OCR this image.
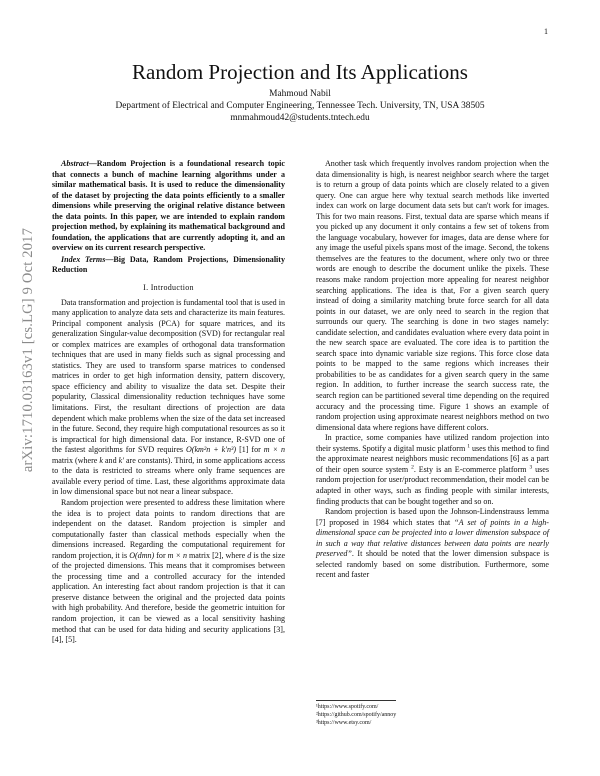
1
arXiv:1710.03163v1 [cs.LG] 9 Oct 2017
Random Projection and Its Applications
Mahmoud Nabil
Department of Electrical and Computer Engineering, Tennessee Tech. University, TN, USA 38505
mnmahmoud42@students.tntech.edu

Abstract—Random Projection is a foundational research topic that connects a bunch of machine learning algorithms under a similar mathematical basis. It is used to reduce the dimensionality of the dataset by projecting the data points efficiently to a smaller dimensions while preserving the original relative distance between the data points. In this paper, we are intended to explain random projection method, by explaining its mathematical background and foundation, the applications that are currently adopting it, and an overview on its current research perspective.

Index Terms—Big Data, Random Projections, Dimensionality Reduction

I. Introduction

Data transformation and projection is fundamental tool that is used in many application to analyze data sets and characterize its main features. Principal component analysis (PCA) for square matrices, and its generalization Singular-value decomposition (SVD) for rectangular real or complex matrices are examples of orthogonal data transformation techniques that are used in many fields such as signal processing and statistics. They are used to transform sparse matrices to condensed matrices in order to get high information density, pattern discovery, space efficiency and ability to visualize the data set. Despite their popularity, Classical dimensionality reduction techniques have some limitations. First, the resultant directions of projection are data dependent which make problems when the size of the data set increased in the future. Second, they require high computational resources as so it is impractical for high dimensional data. For instance, R-SVD one of the fastest algorithms for SVD requires O(km²n + k′n³) [1] for m × n matrix (where k and k′ are constants). Third, in some applications access to the data is restricted to streams where only frame sequences are available every period of time. Last, these algorithms approximate data in low dimensional space but not near a linear subspace.

Random projection were presented to address these limitation where the idea is to project data points to random directions that are independent on the dataset. Random projection is simpler and computationally faster than classical methods especially when the dimensions increased. Regarding the computational requirement for random projection, it is O(dmn) for m × n matrix [2], where d is the size of the projected dimensions. This means that it compromises between the processing time and a controlled accuracy for the intended application. An interesting fact about random projection is that it can preserve distance between the original and the projected data points with high probability. And therefore, beside the geometric intuition for random projection, it can be viewed as a local sensitivity hashing method that can be used for data hiding and security applications [3], [4], [5].

Another task which frequently involves random projection when the data dimensionality is high, is nearest neighbor search where the target is to return a group of data points which are closely related to a given query. One can argue here why textual search methods like inverted index can work on large document data sets but can't work for images. This for two main reasons. First, textual data are sparse which means if you picked up any document it only contains a few set of tokens from the language vocabulary, however for images, data are dense where for any image the useful pixels spans most of the image. Second, the tokens themselves are the features to the document, where only two or three words are enough to describe the document unlike the pixels. These reasons make random projection more appealing for nearest neighbor searching applications. The idea is that, For a given search query instead of doing a similarity matching brute force search for all data points in our dataset, we are only need to search in the region that surrounds our query. The searching is done in two stages namely: candidate selection, and candidates evaluation where every data point in the new search space are evaluated. The core idea is to partition the search space into dynamic variable size regions. This force close data points to be mapped to the same regions which increases their probabilities to be as candidates for a given search query in the same region. In addition, to further increase the search success rate, the search region can be partitioned several time depending on the required accuracy and the processing time. Figure 1 shows an example of random projection using approximate nearest neighbors method on two dimensional data where regions have different colors.

In practice, some companies have utilized random projection into their systems. Spotify a digital music platform $^1$ uses this method to find the approximate nearest neighbors music recommendations [6] as a part of their open source system $^2$. Esty is an E-commerce platform $^3$ uses random projection for user/product recommendation, their model can be adapted in other ways, such as finding people with similar interests, finding products that can be bought together and so on.

Random projection is based upon the Johnson-Lindenstrauss lemma [7] proposed in 1984 which states that “A set of points in a high-dimensional space can be projected into a lower dimension subspace of in such a way that relative distances between data points are nearly preserved”. It should be noted that the lower dimension subspace is selected randomly based on some distribution. Furthermore, some recent and faster

¹https://www.spotify.com/
²https://github.com/spotify/annoy
³https://www.etsy.com/
